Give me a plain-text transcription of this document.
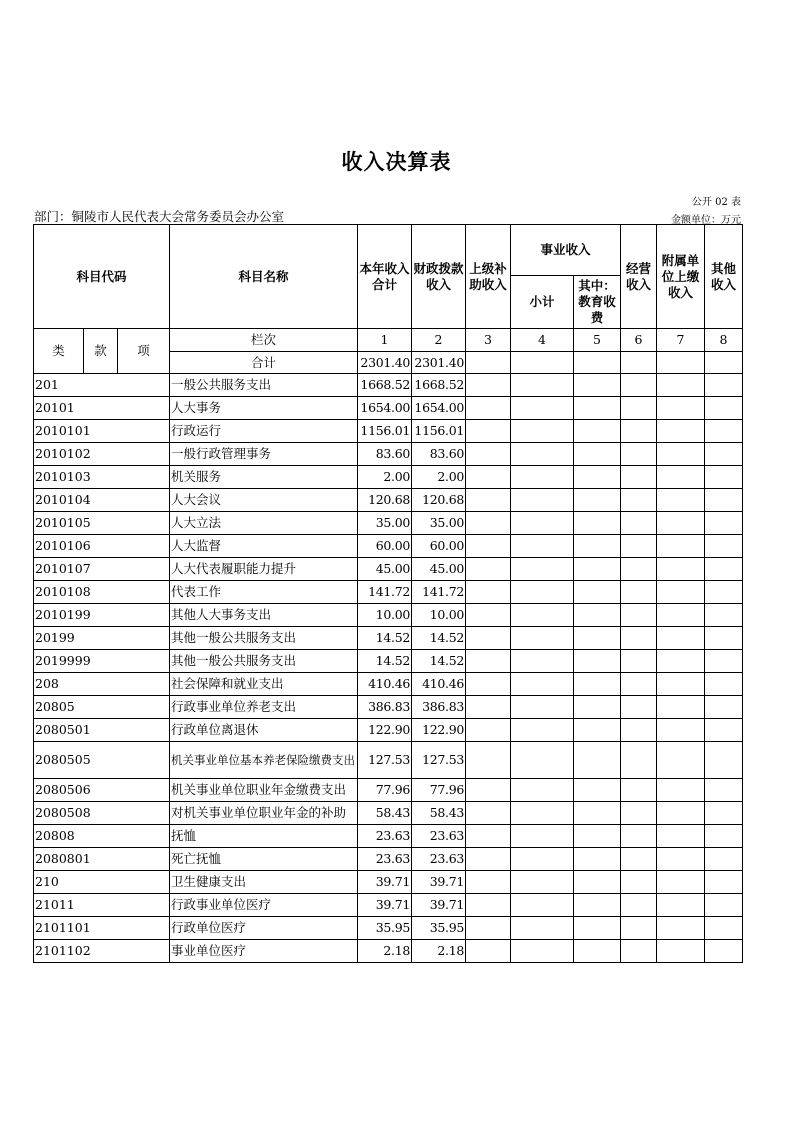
收入决算表
公开 02 表
部门：铜陵市人民代表大会常务委员会办公室	金额单位：万元
科目代码			科目名称	本年收入合计	财政拨款收入	上级补助收入	事业收入		经营收入	附属单位上缴收入	其他收入
							小计	其中：教育收费			
类	款	项	栏次	1	2	3	4	5	6	7	8
			合计	2301.40	2301.40						
201			一般公共服务支出	1668.52	1668.52						
20101			人大事务	1654.00	1654.00						
2010101			行政运行	1156.01	1156.01						
2010102			一般行政管理事务	83.60	83.60						
2010103			机关服务	2.00	2.00						
2010104			人大会议	120.68	120.68						
2010105			人大立法	35.00	35.00						
2010106			人大监督	60.00	60.00						
2010107			人大代表履职能力提升	45.00	45.00						
2010108			代表工作	141.72	141.72						
2010199			其他人大事务支出	10.00	10.00						
20199			其他一般公共服务支出	14.52	14.52						
2019999			其他一般公共服务支出	14.52	14.52						
208			社会保障和就业支出	410.46	410.46						
20805			行政事业单位养老支出	386.83	386.83						
2080501			行政单位离退休	122.90	122.90						
2080505			机关事业单位基本养老保险缴费支出	127.53	127.53						
2080506			机关事业单位职业年金缴费支出	77.96	77.96						
2080508			对机关事业单位职业年金的补助	58.43	58.43						
20808			抚恤	23.63	23.63						
2080801			死亡抚恤	23.63	23.63						
210			卫生健康支出	39.71	39.71						
21011			行政事业单位医疗	39.71	39.71						
2101101			行政单位医疗	35.95	35.95						
2101102			事业单位医疗	2.18	2.18						
